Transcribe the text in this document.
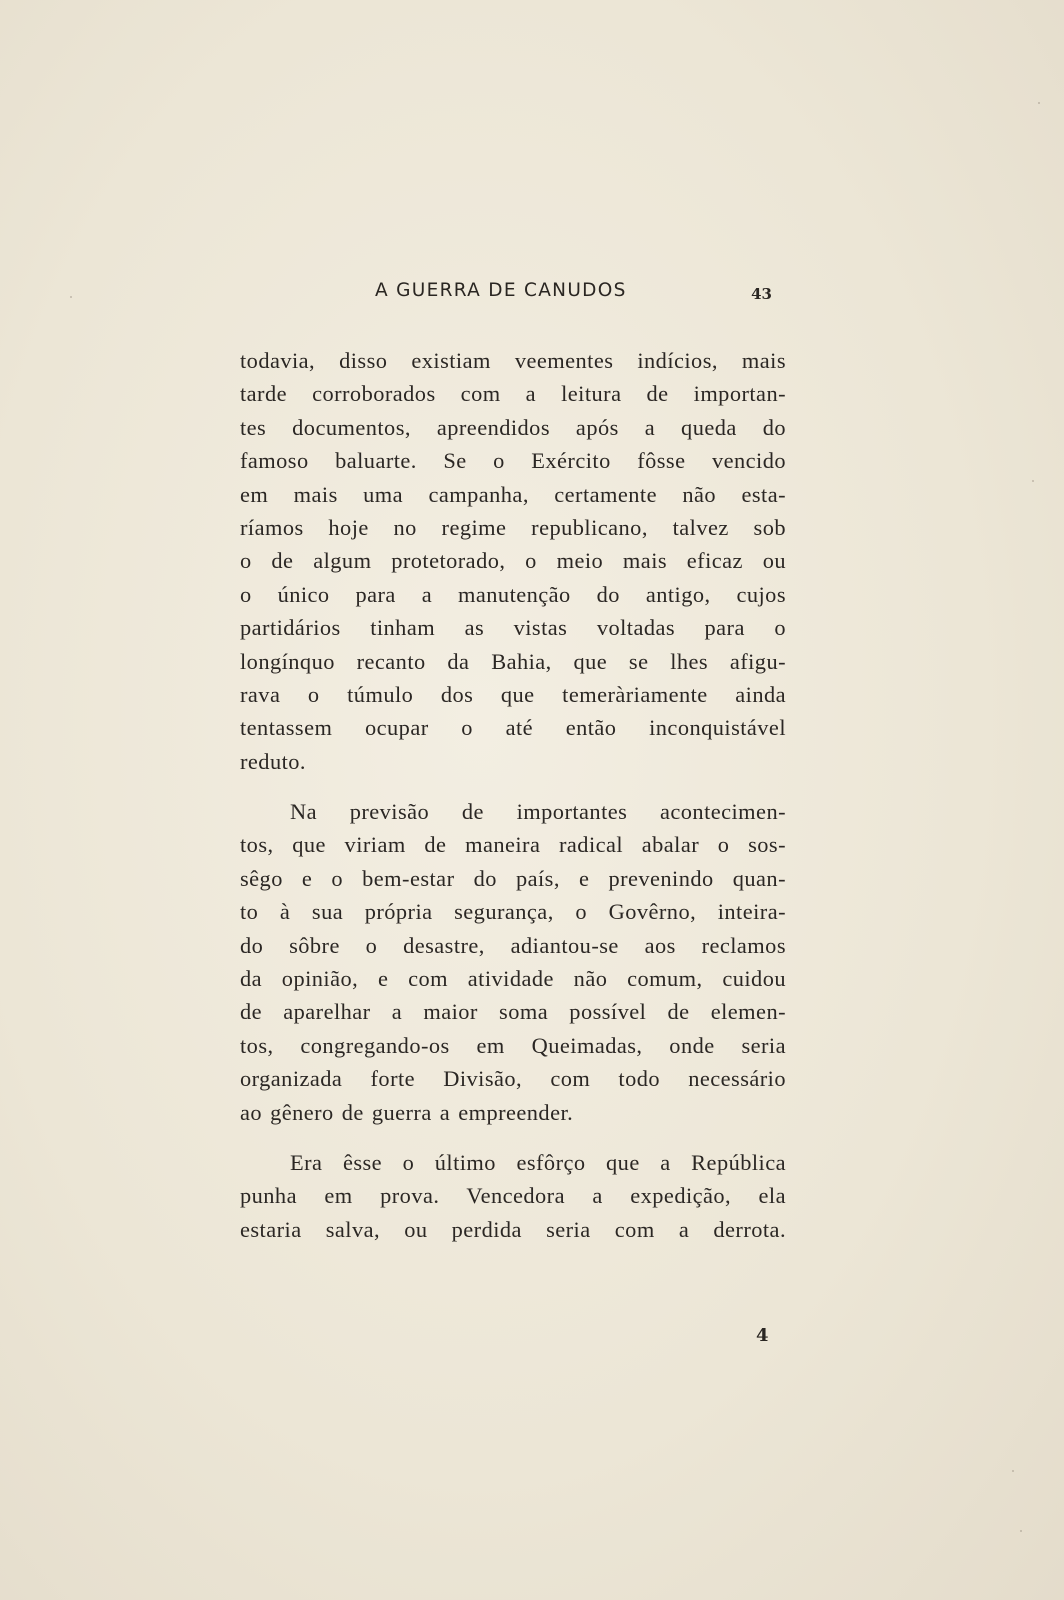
A GUERRA DE CANUDOS	43

todavia, disso existiam veementes indícios, mais
tarde corroborados com a leitura de importan-
tes documentos, apreendidos após a queda do
famoso baluarte. Se o Exército fôsse vencido
em mais uma campanha, certamente não esta-
ríamos hoje no regime republicano, talvez sob
o de algum protetorado, o meio mais eficaz ou
o único para a manutenção do antigo, cujos
partidários tinham as vistas voltadas para o
longínquo recanto da Bahia, que se lhes afigu-
rava o túmulo dos que temeràriamente ainda
tentassem ocupar o até então inconquistável
reduto.

Na previsão de importantes acontecimen-
tos, que viriam de maneira radical abalar o sos-
sêgo e o bem-estar do país, e prevenindo quan-
to à sua própria segurança, o Govêrno, inteira-
do sôbre o desastre, adiantou-se aos reclamos
da opinião, e com atividade não comum, cuidou
de aparelhar a maior soma possível de elemen-
tos, congregando-os em Queimadas, onde seria
organizada forte Divisão, com todo necessário
ao gênero de guerra a empreender.

Era êsse o último esfôrço que a República
punha em prova. Vencedora a expedição, ela
estaria salva, ou perdida seria com a derrota.

4
